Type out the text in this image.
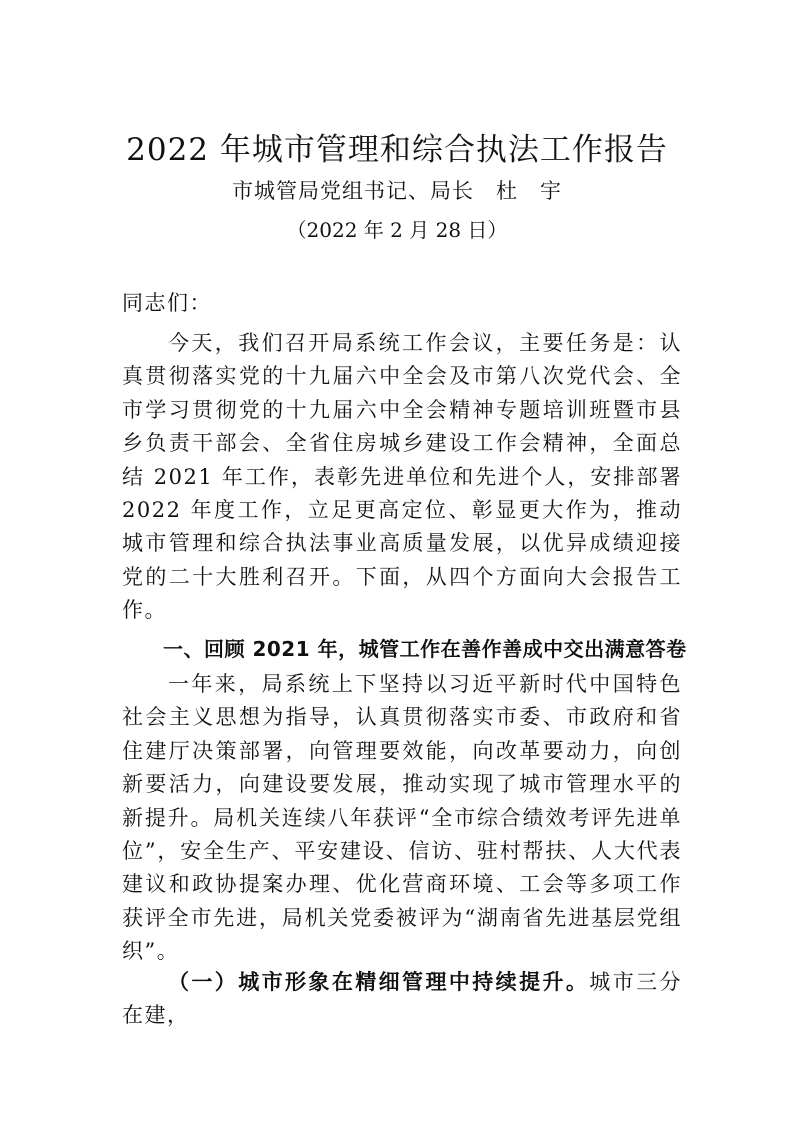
2022 年城市管理和综合执法工作报告
市城管局党组书记、局长　杜　宇
（2022 年 2 月 28 日）
同志们：
今天，我们召开局系统工作会议，主要任务是：认真贯彻落实党的十九届六中全会及市第八次党代会、全市学习贯彻党的十九届六中全会精神专题培训班暨市县乡负责干部会、全省住房城乡建设工作会精神，全面总结 2021 年工作，表彰先进单位和先进个人，安排部署 2022 年度工作，立足更高定位、彰显更大作为，推动城市管理和综合执法事业高质量发展，以优异成绩迎接党的二十大胜利召开。下面，从四个方面向大会报告工作。
一、回顾 2021 年，城管工作在善作善成中交出满意答卷
一年来，局系统上下坚持以习近平新时代中国特色社会主义思想为指导，认真贯彻落实市委、市政府和省住建厅决策部署，向管理要效能，向改革要动力，向创新要活力，向建设要发展，推动实现了城市管理水平的新提升。局机关连续八年获评“全市综合绩效考评先进单位”，安全生产、平安建设、信访、驻村帮扶、人大代表建议和政协提案办理、优化营商环境、工会等多项工作获评全市先进，局机关党委被评为“湖南省先进基层党组织”。
（一）城市形象在精细管理中持续提升。城市三分在建，
